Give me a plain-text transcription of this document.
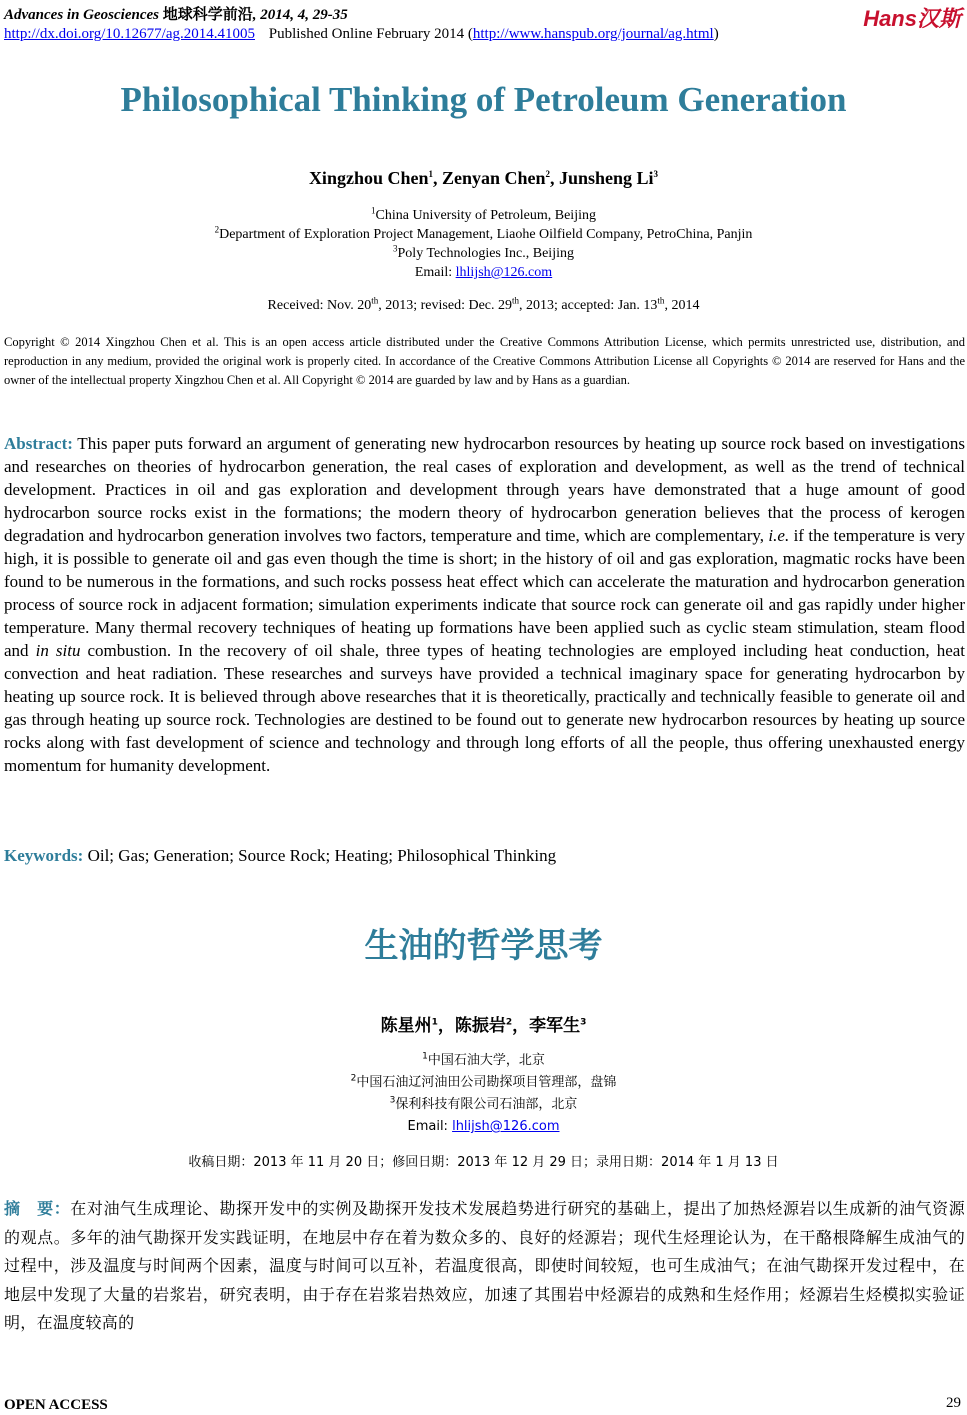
Advances in Geosciences 地球科学前沿, 2014, 4, 29-35
http://dx.doi.org/10.12677/ag.2014.41005 Published Online February 2014 (http://www.hanspub.org/journal/ag.html)
Hans汉斯
Philosophical Thinking of Petroleum Generation
Xingzhou Chen$^1$, Zenyan Chen$^2$, Junsheng Li$^3$
$^1$China University of Petroleum, Beijing
$^2$Department of Exploration Project Management, Liaohe Oilfield Company, PetroChina, Panjin
$^3$Poly Technologies Inc., Beijing
Email: lhlijsh@126.com
Received: Nov. 20th, 2013; revised: Dec. 29th, 2013; accepted: Jan. 13th, 2014
Copyright © 2014 Xingzhou Chen et al. This is an open access article distributed under the Creative Commons Attribution License, which permits unrestricted use, distribution, and reproduction in any medium, provided the original work is properly cited. In accordance of the Creative Commons Attribution License all Copyrights © 2014 are reserved for Hans and the owner of the intellectual property Xingzhou Chen et al. All Copyright © 2014 are guarded by law and by Hans as a guardian.
Abstract: This paper puts forward an argument of generating new hydrocarbon resources by heating up source rock based on investigations and researches on theories of hydrocarbon generation, the real cases of exploration and development, as well as the trend of technical development. Practices in oil and gas exploration and development through years have demonstrated that a huge amount of good hydrocarbon source rocks exist in the formations; the modern theory of hydrocarbon generation believes that the process of kerogen degradation and hydrocarbon generation involves two factors, temperature and time, which are complementary, i.e. if the temperature is very high, it is possible to generate oil and gas even though the time is short; in the history of oil and gas exploration, magmatic rocks have been found to be numerous in the formations, and such rocks possess heat effect which can accelerate the maturation and hydrocarbon generation process of source rock in adjacent formation; simulation experiments indicate that source rock can generate oil and gas rapidly under higher temperature. Many thermal recovery techniques of heating up formations have been applied such as cyclic steam stimulation, steam flood and in situ combustion. In the recovery of oil shale, three types of heating technologies are employed including heat conduction, heat convection and heat radiation. These researches and surveys have provided a technical imaginary space for generating hydrocarbon by heating up source rock. It is believed through above researches that it is theoretically, practically and technically feasible to generate oil and gas through heating up source rock. Technologies are destined to be found out to generate new hydrocarbon resources by heating up source rocks along with fast development of science and technology and through long efforts of all the people, thus offering unexhausted energy momentum for humanity development.
Keywords: Oil; Gas; Generation; Source Rock; Heating; Philosophical Thinking
生油的哲学思考
陈星州$^1$，陈振岩$^2$，李军生$^3$
$^1$中国石油大学，北京
$^2$中国石油辽河油田公司勘探项目管理部，盘锦
$^3$保利科技有限公司石油部，北京
Email: lhlijsh@126.com
收稿日期：2013 年 11 月 20 日；修回日期：2013 年 12 月 29 日；录用日期：2014 年 1 月 13 日
摘　要：在对油气生成理论、勘探开发中的实例及勘探开发技术发展趋势进行研究的基础上，提出了加热烃源岩以生成新的油气资源的观点。多年的油气勘探开发实践证明，在地层中存在着为数众多的、良好的烃源岩；现代生烃理论认为，在干酪根降解生成油气的过程中，涉及温度与时间两个因素，温度与时间可以互补，若温度很高，即使时间较短，也可生成油气；在油气勘探开发过程中，在地层中发现了大量的岩浆岩，研究表明，由于存在岩浆岩热效应，加速了其围岩中烃源岩的成熟和生烃作用；烃源岩生烃模拟实验证明，在温度较高的
OPEN ACCESS	29
